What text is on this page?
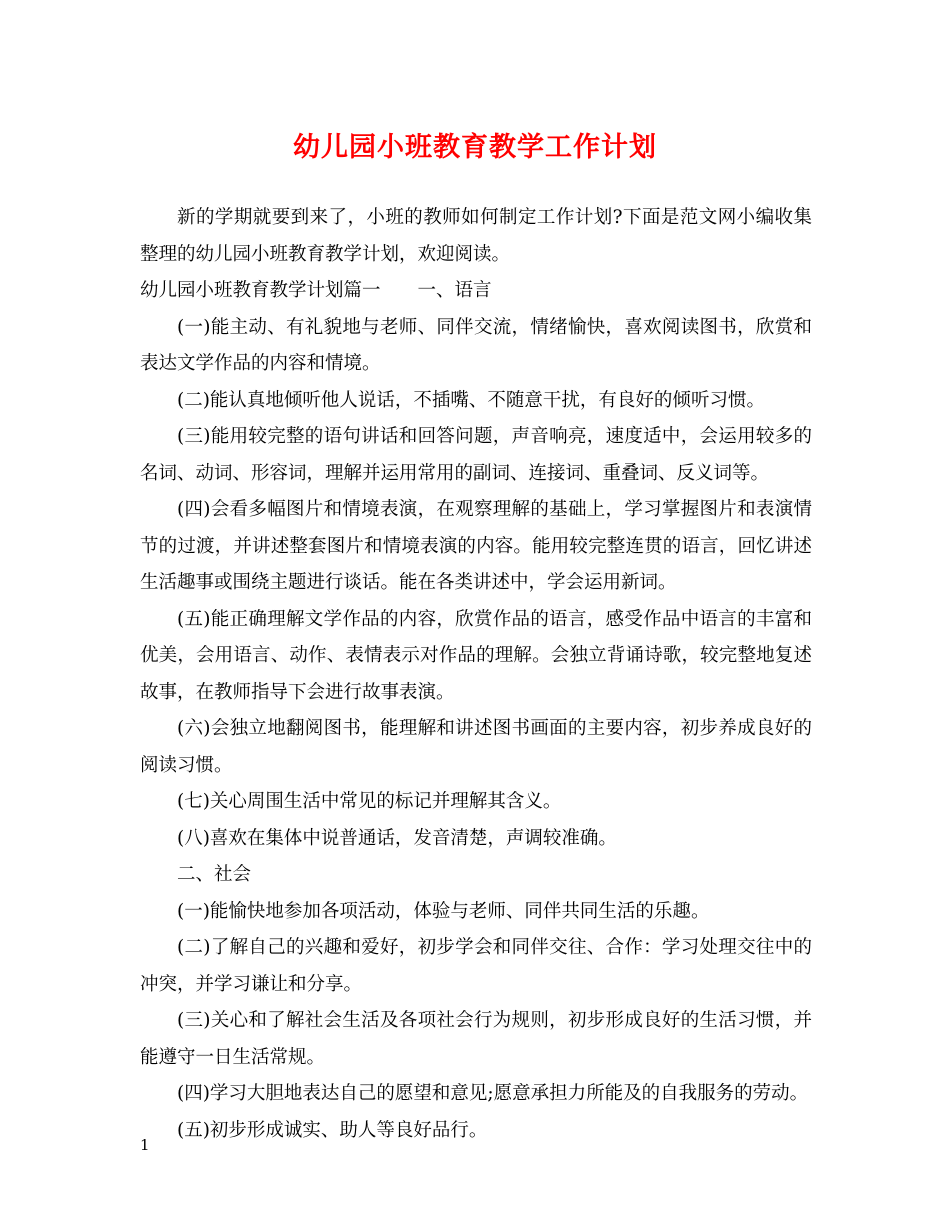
幼儿园小班教育教学工作计划

新的学期就要到来了，小班的教师如何制定工作计划?下面是范文网小编收集整理的幼儿园小班教育教学计划，欢迎阅读。

幼儿园小班教育教学计划篇一　　一、语言

(一)能主动、有礼貌地与老师、同伴交流，情绪愉快，喜欢阅读图书，欣赏和表达文学作品的内容和情境。

(二)能认真地倾听他人说话，不插嘴、不随意干扰，有良好的倾听习惯。

(三)能用较完整的语句讲话和回答问题，声音响亮，速度适中，会运用较多的名词、动词、形容词，理解并运用常用的副词、连接词、重叠词、反义词等。

(四)会看多幅图片和情境表演，在观察理解的基础上，学习掌握图片和表演情节的过渡，并讲述整套图片和情境表演的内容。能用较完整连贯的语言，回忆讲述生活趣事或围绕主题进行谈话。能在各类讲述中，学会运用新词。

(五)能正确理解文学作品的内容，欣赏作品的语言，感受作品中语言的丰富和优美，会用语言、动作、表情表示对作品的理解。会独立背诵诗歌，较完整地复述故事，在教师指导下会进行故事表演。

(六)会独立地翻阅图书，能理解和讲述图书画面的主要内容，初步养成良好的阅读习惯。

(七)关心周围生活中常见的标记并理解其含义。

(八)喜欢在集体中说普通话，发音清楚，声调较准确。

二、社会

(一)能愉快地参加各项活动，体验与老师、同伴共同生活的乐趣。

(二)了解自己的兴趣和爱好，初步学会和同伴交往、合作：学习处理交往中的冲突，并学习谦让和分享。

(三)关心和了解社会生活及各项社会行为规则，初步形成良好的生活习惯，并能遵守一日生活常规。

(四)学习大胆地表达自己的愿望和意见;愿意承担力所能及的自我服务的劳动。

(五)初步形成诚实、助人等良好品行。

1
